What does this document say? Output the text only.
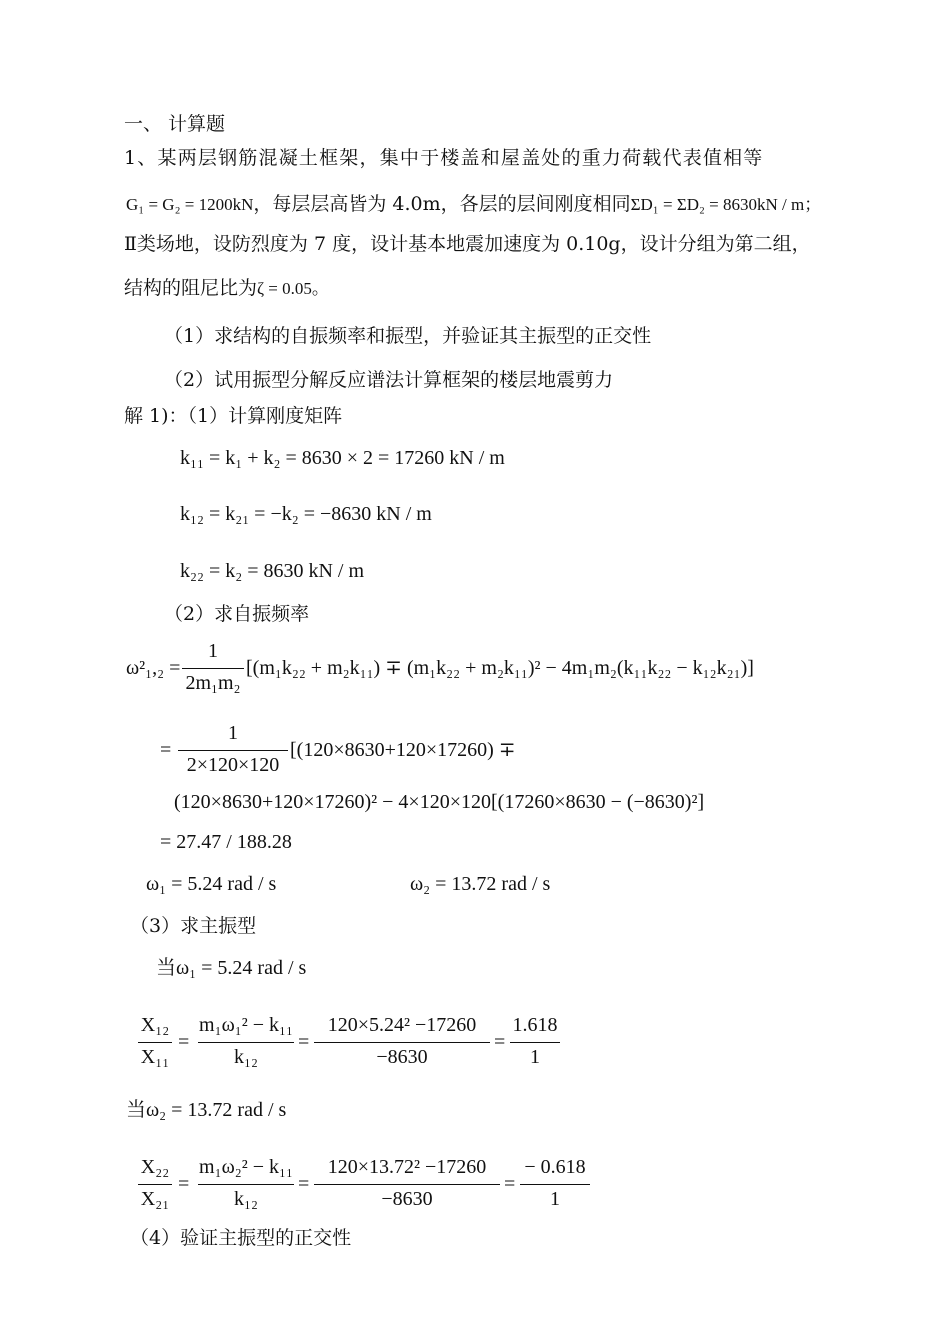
一、 计算题
1、某两层钢筋混凝土框架，集中于楼盖和屋盖处的重力荷载代表值相等
G₁ = G₂ = 1200kN，每层层高皆为 4.0m，各层的层间刚度相同ΣD₁ = ΣD₂ = 8630kN / m；
Ⅱ类场地，设防烈度为 7 度，设计基本地震加速度为 0.10g，设计分组为第二组，
结构的阻尼比为ζ = 0.05。
（1）求结构的自振频率和振型，并验证其主振型的正交性
（2）试用振型分解反应谱法计算框架的楼层地震剪力
解 1)：（1）计算刚度矩阵
k₁₁ = k₁ + k₂ = 8630 × 2 = 17260 kN / m
k₁₂ = k₂₁ = −k₂ = −8630 kN / m
k₂₂ = k₂ = 8630 kN / m
（2）求自振频率
ω²₁,₂ =
1
2m₁m₂
[(m₁k₂₂ + m₂k₁₁) ∓ (m₁k₂₂ + m₂k₁₁)² − 4m₁m₂(k₁₁k₂₂ − k₁₂k₂₁)]
=
1
2×120×120
[(120×8630+120×17260) ∓
(120×8630+120×17260)² − 4×120×120[(17260×8630 − (−8630)²]
= 27.47 / 188.28
ω₁ = 5.24 rad / s	ω₂ = 13.72 rad / s
（3）求主振型
当ω₁ = 5.24 rad / s
X₁₂
X₁₁
=
m₁ω₁² − k₁₁
k₁₂
=
120×5.24² −17260
−8630
=
1.618
1
当ω₂ = 13.72 rad / s
X₂₂
X₂₁
=
m₁ω₂² − k₁₁
k₁₂
=
120×13.72² −17260
−8630
=
− 0.618
1
（4）验证主振型的正交性
